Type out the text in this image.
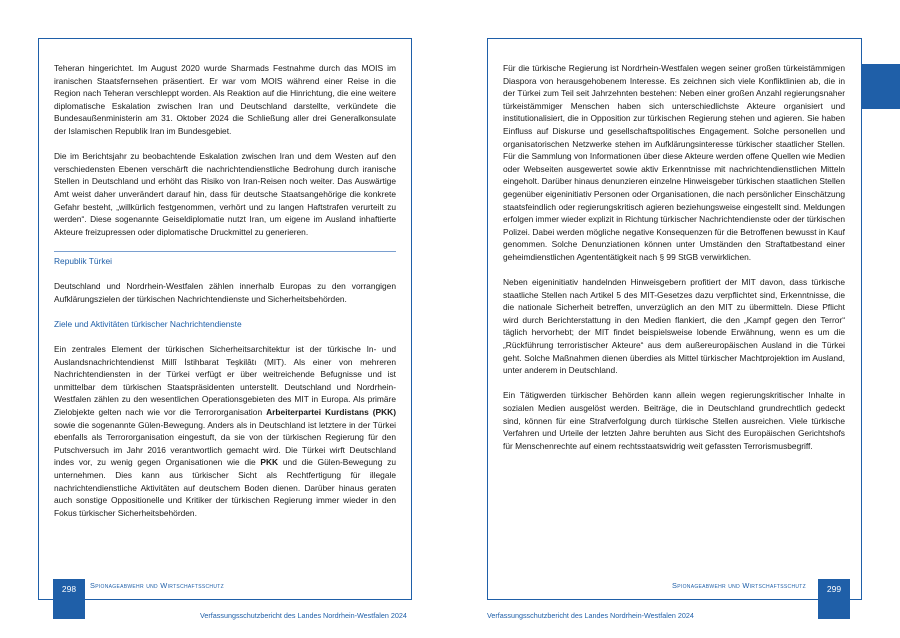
Teheran hingerichtet. Im August 2020 wurde Sharmads Festnahme durch das MOIS im iranischen Staatsfernsehen präsentiert. Er war vom MOIS während einer Reise in die Region nach Teheran verschleppt worden. Als Reaktion auf die Hinrichtung, die eine weitere diplomatische Eskalation zwischen Iran und Deutschland darstellte, verkündete die Bundesaußenministerin am 31. Oktober 2024 die Schließung aller drei Generalkonsulate der Islamischen Republik Iran im Bundesgebiet.

Die im Berichtsjahr zu beobachtende Eskalation zwischen Iran und dem Westen auf den verschiedensten Ebenen verschärft die nachrichtendienstliche Bedrohung durch iranische Stellen in Deutschland und erhöht das Risiko von Iran-Reisen noch weiter. Das Auswärtige Amt weist daher unverändert darauf hin, dass für deutsche Staatsangehörige die konkrete Gefahr besteht, „willkürlich festgenommen, verhört und zu langen Haftstrafen verurteilt zu werden“. Diese sogenannte Geiseldiplomatie nutzt Iran, um eigene im Ausland inhaftierte Akteure freizupressen oder diplomatische Druckmittel zu generieren.

Republik Türkei

Deutschland und Nordrhein-Westfalen zählen innerhalb Europas zu den vorrangigen Aufklärungszielen der türkischen Nachrichtendienste und Sicherheitsbehörden.

Ziele und Aktivitäten türkischer Nachrichtendienste

Ein zentrales Element der türkischen Sicherheitsarchitektur ist der türkische In- und Auslandsnachrichtendienst Millî İstihbarat Teşkilâtı (MIT). Als einer von mehreren Nachrichtendiensten in der Türkei verfügt er über weitreichende Befugnisse und ist unmittelbar dem türkischen Staatspräsidenten unterstellt. Deutschland und Nordrhein-Westfalen zählen zu den wesentlichen Operationsgebieten des MIT in Europa. Als primäre Zielobjekte gelten nach wie vor die Terrororganisation Arbeiterpartei Kurdistans (PKK) sowie die sogenannte Gülen-Bewegung. Anders als in Deutschland ist letztere in der Türkei ebenfalls als Terrororganisation eingestuft, da sie von der türkischen Regierung für den Putschversuch im Jahr 2016 verantwortlich gemacht wird. Die Türkei wirft Deutschland indes vor, zu wenig gegen Organisationen wie die PKK und die Gülen-Bewegung zu unternehmen. Dies kann aus türkischer Sicht als Rechtfertigung für illegale nachrichtendienstliche Aktivitäten auf deutschem Boden dienen. Darüber hinaus geraten auch sonstige Oppositionelle und Kritiker der türkischen Regierung immer wieder in den Fokus türkischer Sicherheitsbehörden.

Für die türkische Regierung ist Nordrhein-Westfalen wegen seiner großen türkeistämmigen Diaspora von herausgehobenem Interesse. Es zeichnen sich viele Konfliktlinien ab, die in der Türkei zum Teil seit Jahrzehnten bestehen: Neben einer großen Anzahl regierungsnaher türkeistämmiger Menschen haben sich unterschiedlichste Akteure organisiert und institutionalisiert, die in Opposition zur türkischen Regierung stehen und agieren. Sie haben Einfluss auf Diskurse und gesellschaftspolitisches Engagement. Solche personellen und organisatorischen Netzwerke stehen im Aufklärungsinteresse türkischer staatlicher Stellen. Für die Sammlung von Informationen über diese Akteure werden offene Quellen wie Medien oder Webseiten ausgewertet sowie aktiv Erkenntnisse mit nachrichtendienstlichen Mitteln eingeholt. Darüber hinaus denunzieren einzelne Hinweisgeber türkischen staatlichen Stellen gegenüber eigeninitiativ Personen oder Organisationen, die nach persönlicher Einschätzung staatsfeindlich oder regierungskritisch agieren beziehungsweise eingestellt sind. Meldungen erfolgen immer wieder explizit in Richtung türkischer Nachrichtendienste oder der türkischen Polizei. Dabei werden mögliche negative Konsequenzen für die Betroffenen bewusst in Kauf genommen. Solche Denunziationen können unter Umständen den Straftatbestand einer geheimdienstlichen Agententätigkeit nach § 99 StGB verwirklichen.

Neben eigeninitiativ handelnden Hinweisgebern profitiert der MIT davon, dass türkische staatliche Stellen nach Artikel 5 des MIT-Gesetzes dazu verpflichtet sind, Erkenntnisse, die die nationale Sicherheit betreffen, unverzüglich an den MIT zu übermitteln. Diese Pflicht wird durch Berichterstattung in den Medien flankiert, die den „Kampf gegen den Terror“ täglich hervorhebt; der MIT findet beispielsweise lobende Erwähnung, wenn es um die „Rückführung terroristischer Akteure“ aus dem außereuropäischen Ausland in die Türkei geht. Solche Maßnahmen dienen überdies als Mittel türkischer Machtprojektion im Ausland, unter anderem in Deutschland.

Ein Tätigwerden türkischer Behörden kann allein wegen regierungskritischer Inhalte in sozialen Medien ausgelöst werden. Beiträge, die in Deutschland grundrechtlich gedeckt sind, können für eine Strafverfolgung durch türkische Stellen ausreichen. Viele türkische Verfahren und Urteile der letzten Jahre beruhten aus Sicht des Europäischen Gerichtshofs für Menschenrechte auf einem rechtsstaatswidrig weit gefassten Terrorismusbegriff.

298	Spionageabwehr und Wirtschaftsschutz	Spionageabwehr und Wirtschaftsschutz	299
Verfassungsschutzbericht des Landes Nordrhein-Westfalen 2024	Verfassungsschutzbericht des Landes Nordrhein-Westfalen 2024
